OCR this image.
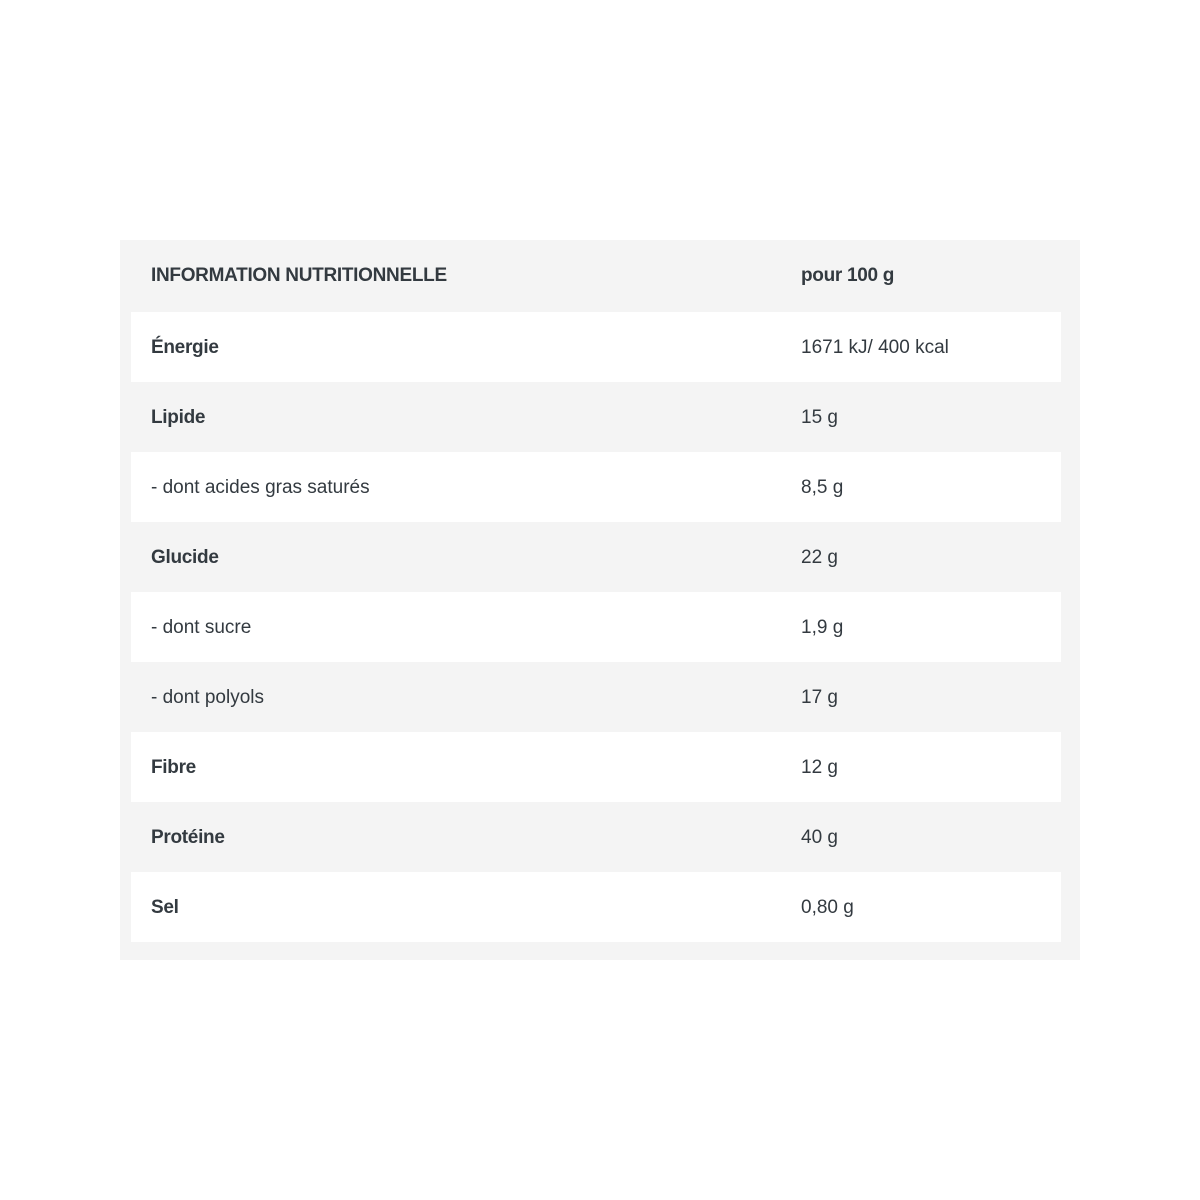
INFORMATION NUTRITIONNELLE	pour 100 g
Énergie	1671 kJ/ 400 kcal
Lipide	15 g
- dont acides gras saturés	8,5 g
Glucide	22 g
- dont sucre	1,9 g
- dont polyols	17 g
Fibre	12 g
Protéine	40 g
Sel	0,80 g
